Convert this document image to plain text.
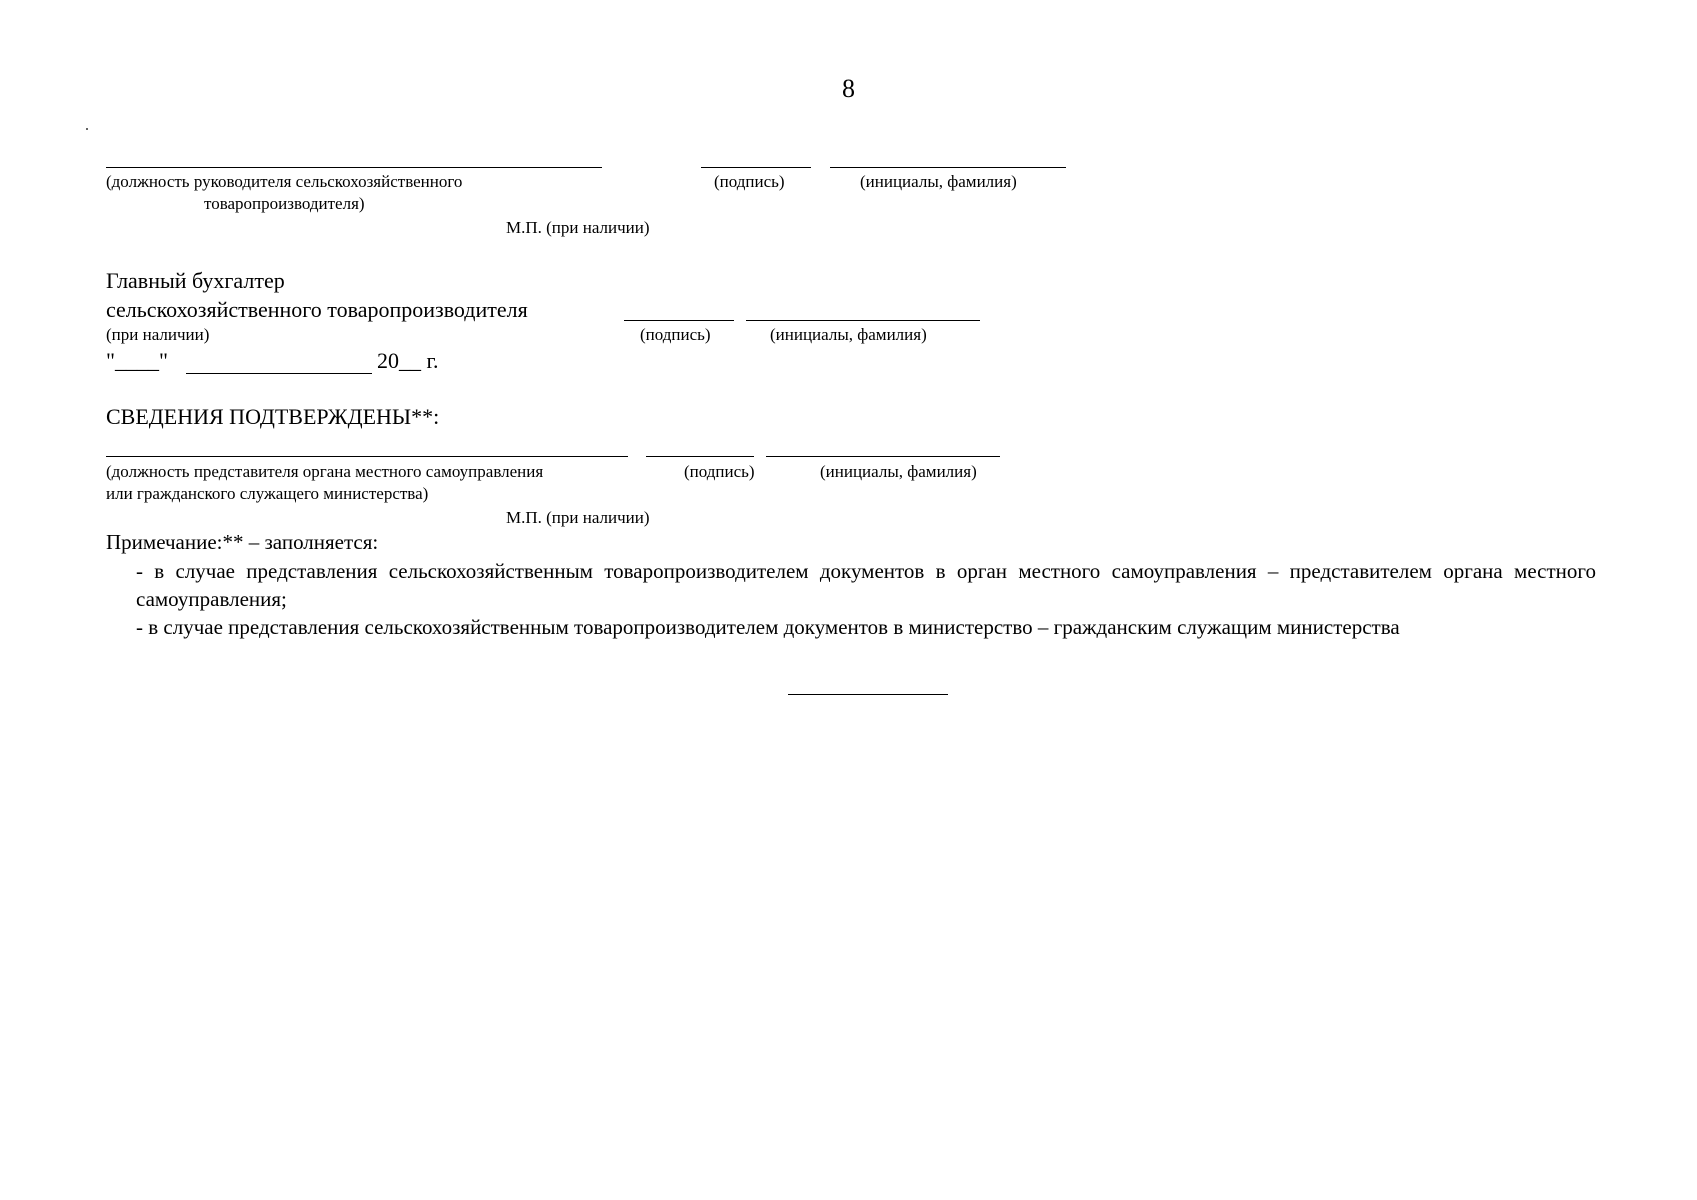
8
(должность руководителя сельскохозяйственного
товаропроизводителя)
(подпись)	(инициалы, фамилия)
М.П. (при наличии)
Главный бухгалтер
сельскохозяйственного товаропроизводителя
(при наличии)	(подпись)	(инициалы, фамилия)
"____"	20__ г.
СВЕДЕНИЯ ПОДТВЕРЖДЕНЫ**:
(должность представителя органа местного самоуправления
или гражданского служащего министерства)
(подпись)	(инициалы, фамилия)
М.П. (при наличии)
Примечание:** – заполняется:
- в случае представления сельскохозяйственным товаропроизводителем документов в орган местного самоуправления – представителем органа местного самоуправления;
- в случае представления сельскохозяйственным товаропроизводителем документов в министерство – гражданским служащим министерства
